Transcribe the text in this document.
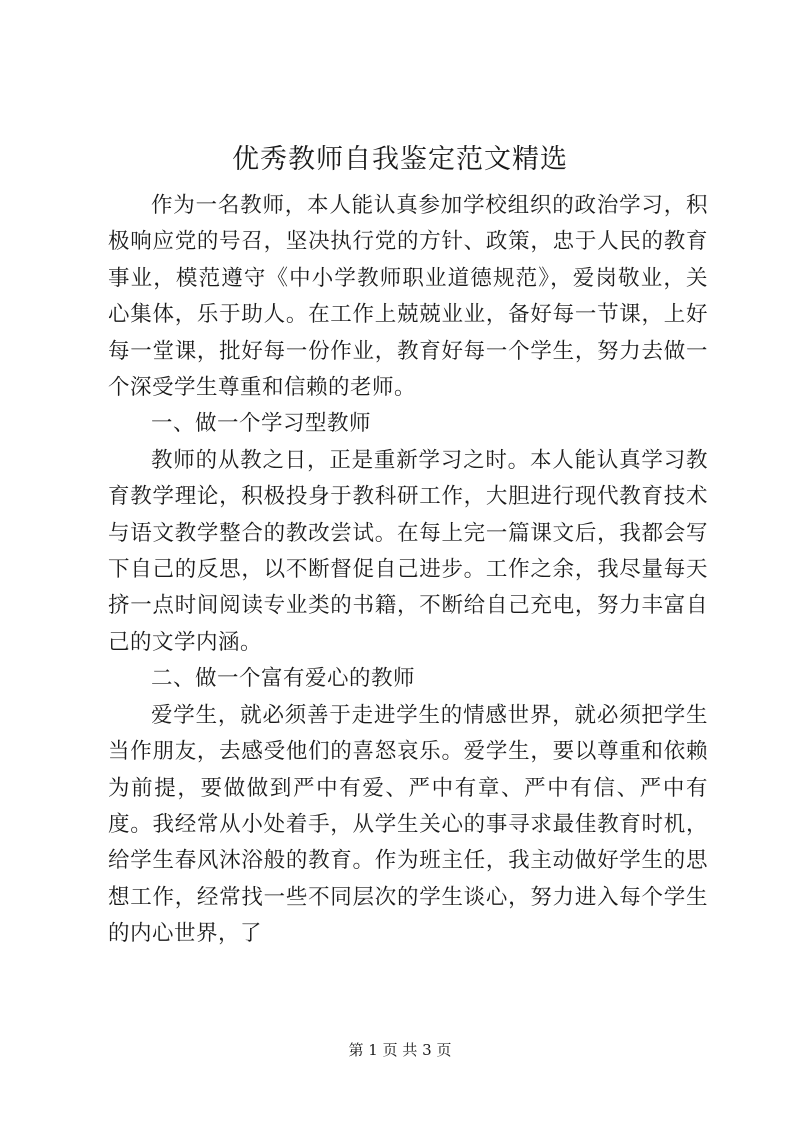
优秀教师自我鉴定范文精选

作为一名教师，本人能认真参加学校组织的政治学习，积极响应党的号召，坚决执行党的方针、政策，忠于人民的教育事业，模范遵守《中小学教师职业道德规范》，爱岗敬业，关心集体，乐于助人。在工作上兢兢业业，备好每一节课，上好每一堂课，批好每一份作业，教育好每一个学生，努力去做一个深受学生尊重和信赖的老师。

一、做一个学习型教师

教师的从教之日，正是重新学习之时。本人能认真学习教育教学理论，积极投身于教科研工作，大胆进行现代教育技术与语文教学整合的教改尝试。在每上完一篇课文后，我都会写下自己的反思，以不断督促自己进步。工作之余，我尽量每天挤一点时间阅读专业类的书籍，不断给自己充电，努力丰富自己的文学内涵。

二、做一个富有爱心的教师

爱学生，就必须善于走进学生的情感世界，就必须把学生当作朋友，去感受他们的喜怒哀乐。爱学生，要以尊重和依赖为前提，要做做到严中有爱、严中有章、严中有信、严中有度。我经常从小处着手，从学生关心的事寻求最佳教育时机，给学生春风沐浴般的教育。作为班主任，我主动做好学生的思想工作，经常找一些不同层次的学生谈心，努力进入每个学生的内心世界，了

第 1 页 共 3 页
